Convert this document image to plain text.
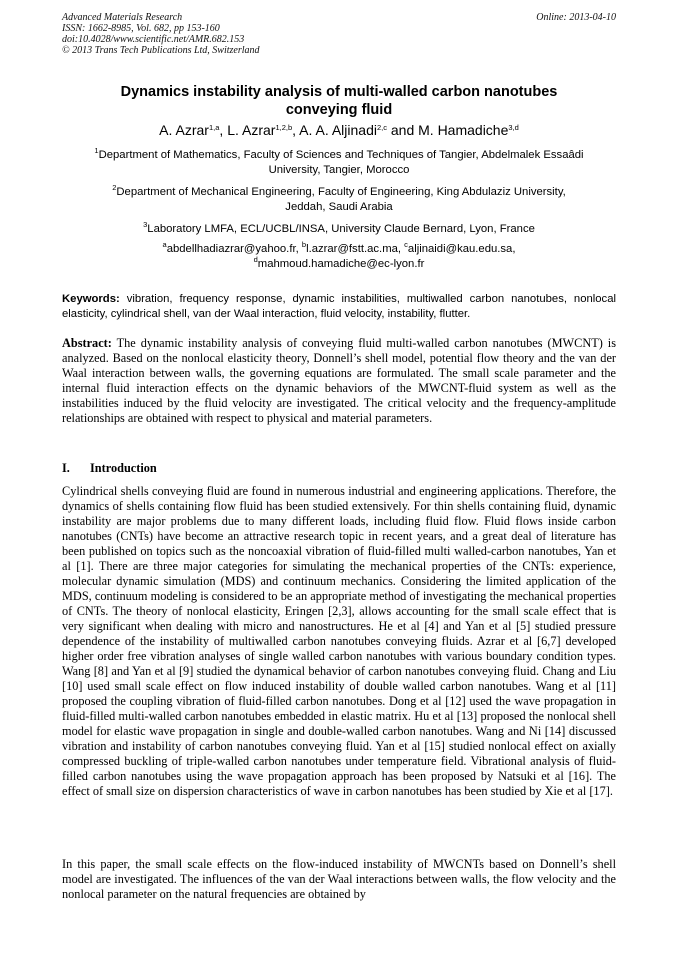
Advanced Materials Research
ISSN: 1662-8985, Vol. 682, pp 153-160
doi:10.4028/www.scientific.net/AMR.682.153
© 2013 Trans Tech Publications Ltd, Switzerland
Online: 2013-04-10
Dynamics instability analysis of multi-walled carbon nanotubes
conveying fluid
A. Azrar$^{1,a}$, L. Azrar$^{1,2,b}$, A. A. Aljinadi$^{2,c}$ and M. Hamadiche$^{3,d}$
$^1$Department of Mathematics, Faculty of Sciences and Techniques of Tangier, Abdelmalek Essaâdi
University, Tangier, Morocco
$^2$Department of Mechanical Engineering, Faculty of Engineering, King Abdulaziz University,
Jeddah, Saudi Arabia
$^3$Laboratory LMFA, ECL/UCBL/INSA, University Claude Bernard, Lyon, France
$^a$abdellhadiazrar@yahoo.fr, $^b$l.azrar@fstt.ac.ma, $^c$aljinaidi@kau.edu.sa,
$^d$mahmoud.hamadiche@ec-lyon.fr
Keywords: vibration, frequency response, dynamic instabilities, multiwalled carbon nanotubes, nonlocal elasticity, cylindrical shell, van der Waal interaction, fluid velocity, instability, flutter.
Abstract: The dynamic instability analysis of conveying fluid multi-walled carbon nanotubes (MWCNT) is analyzed. Based on the nonlocal elasticity theory, Donnell’s shell model, potential flow theory and the van der Waal interaction between walls, the governing equations are formulated. The small scale parameter and the internal fluid interaction effects on the dynamic behaviors of the MWCNT-fluid system as well as the instabilities induced by the fluid velocity are investigated. The critical velocity and the frequency-amplitude relationships are obtained with respect to physical and material parameters.
I. Introduction
Cylindrical shells conveying fluid are found in numerous industrial and engineering applications. Therefore, the dynamics of shells containing flow fluid has been studied extensively. For thin shells containing fluid, dynamic instability are major problems due to many different loads, including fluid flow. Fluid flows inside carbon nanotubes (CNTs) have become an attractive research topic in recent years, and a great deal of literature has been published on topics such as the noncoaxial vibration of fluid-filled multi walled-carbon nanotubes, Yan et al [1]. There are three major categories for simulating the mechanical properties of the CNTs: experience, molecular dynamic simulation (MDS) and continuum mechanics. Considering the limited application of the MDS, continuum modeling is considered to be an appropriate method of investigating the mechanical properties of CNTs. The theory of nonlocal elasticity, Eringen [2,3], allows accounting for the small scale effect that is very significant when dealing with micro and nanostructures. He et al [4] and Yan et al [5] studied pressure dependence of the instability of multiwalled carbon nanotubes conveying fluids. Azrar et al [6,7] developed higher order free vibration analyses of single walled carbon nanotubes with various boundary condition types. Wang [8] and Yan et al [9] studied the dynamical behavior of carbon nanotubes conveying fluid. Chang and Liu [10] used small scale effect on flow induced instability of double walled carbon nanotubes. Wang et al [11] proposed the coupling vibration of fluid-filled carbon nanotubes. Dong et al [12] used the wave propagation in fluid-filled multi-walled carbon nanotubes embedded in elastic matrix. Hu et al [13] proposed the nonlocal shell model for elastic wave propagation in single and double-walled carbon nanotubes. Wang and Ni [14] discussed vibration and instability of carbon nanotubes conveying fluid. Yan et al [15] studied nonlocal effect on axially compressed buckling of triple-walled carbon nanotubes under temperature field. Vibrational analysis of fluid-filled carbon nanotubes using the wave propagation approach has been proposed by Natsuki et al [16]. The effect of small size on dispersion characteristics of wave in carbon nanotubes has been studied by Xie et al [17].
In this paper, the small scale effects on the flow-induced instability of MWCNTs based on Donnell’s shell model are investigated. The influences of the van der Waal interactions between walls, the flow velocity and the nonlocal parameter on the natural frequencies are obtained by
